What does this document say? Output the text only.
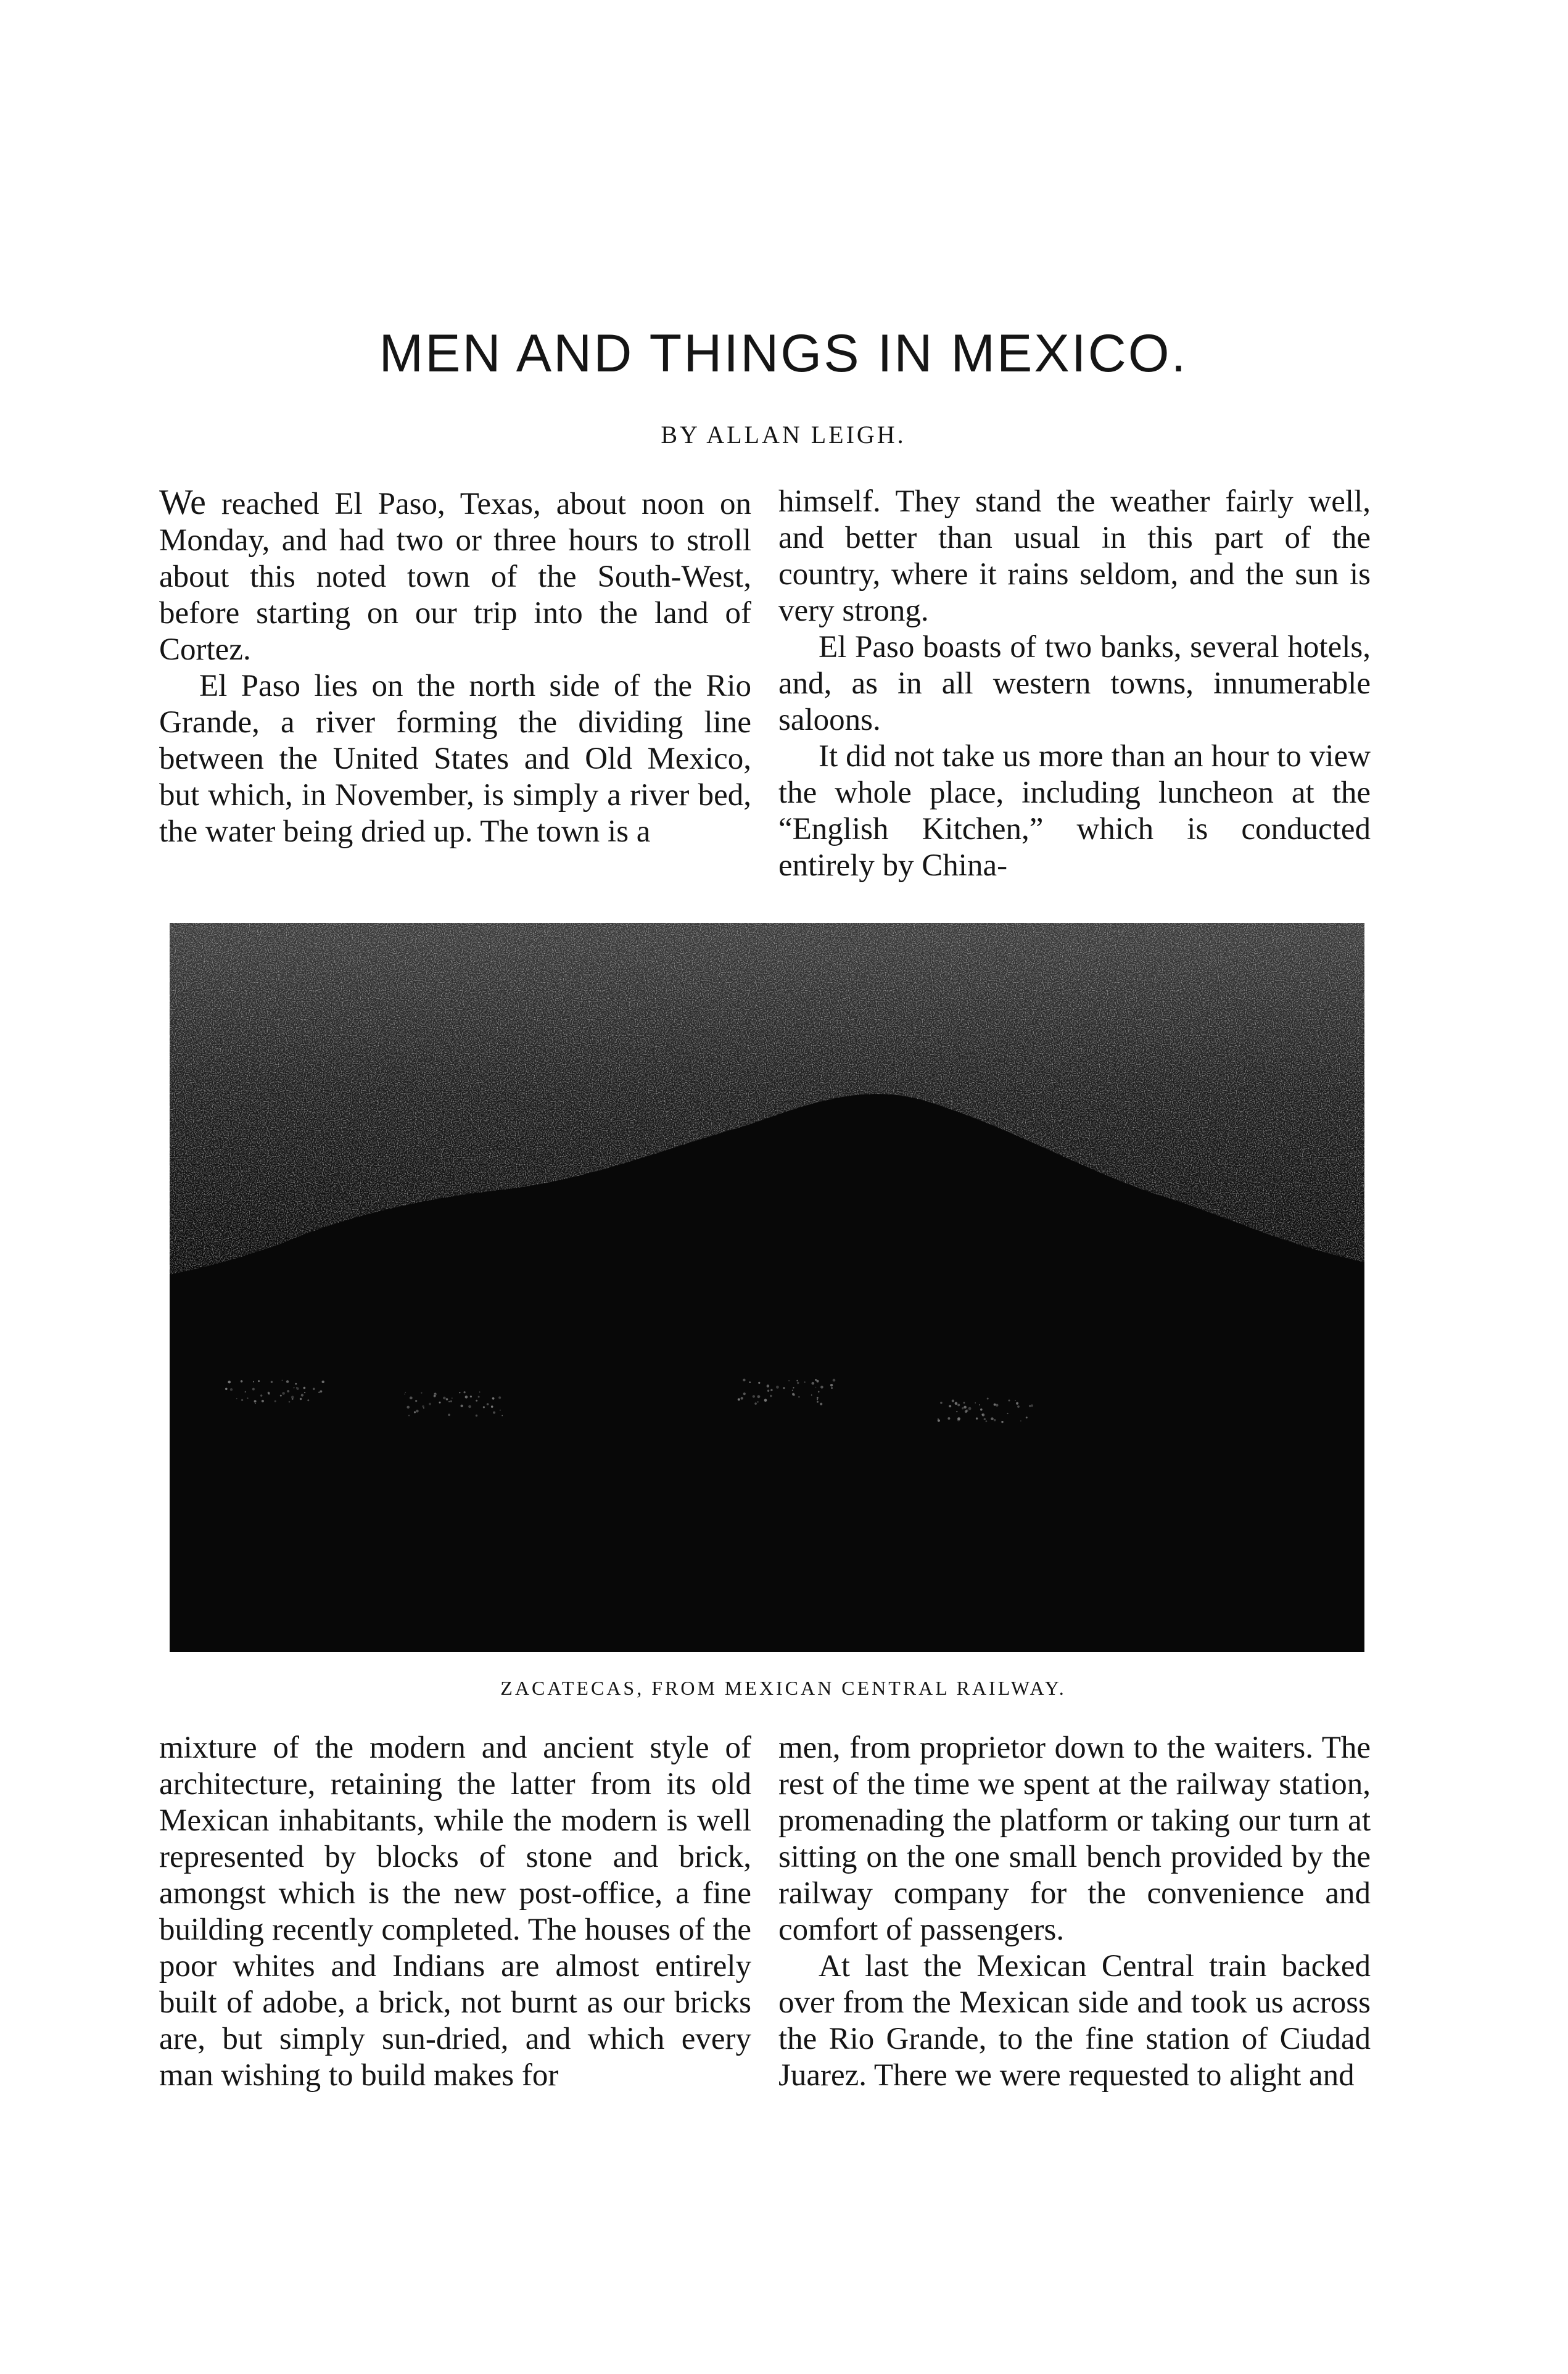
MEN AND THINGS IN MEXICO.
BY ALLAN LEIGH.

We reached El Paso, Texas, about noon on Monday, and had two or three hours to stroll about this noted town of the South-West, before starting on our trip into the land of Cortez.

El Paso lies on the north side of the Rio Grande, a river forming the dividing line between the United States and Old Mexico, but which, in November, is simply a river bed, the water being dried up. The town is a

himself. They stand the weather fairly well, and better than usual in this part of the country, where it rains seldom, and the sun is very strong.

El Paso boasts of two banks, several hotels, and, as in all western towns, innumerable saloons.

It did not take us more than an hour to view the whole place, including luncheon at the “English Kitchen,” which is conducted entirely by China-

ZACATECAS, FROM MEXICAN CENTRAL RAILWAY.

mixture of the modern and ancient style of architecture, retaining the latter from its old Mexican inhabitants, while the modern is well represented by blocks of stone and brick, amongst which is the new post-office, a fine building recently completed. The houses of the poor whites and Indians are almost entirely built of adobe, a brick, not burnt as our bricks are, but simply sun-dried, and which every man wishing to build makes for

men, from proprietor down to the waiters. The rest of the time we spent at the railway station, promenading the platform or taking our turn at sitting on the one small bench provided by the railway company for the convenience and comfort of passengers.

At last the Mexican Central train backed over from the Mexican side and took us across the Rio Grande, to the fine station of Ciudad Juarez. There we were requested to alight and
